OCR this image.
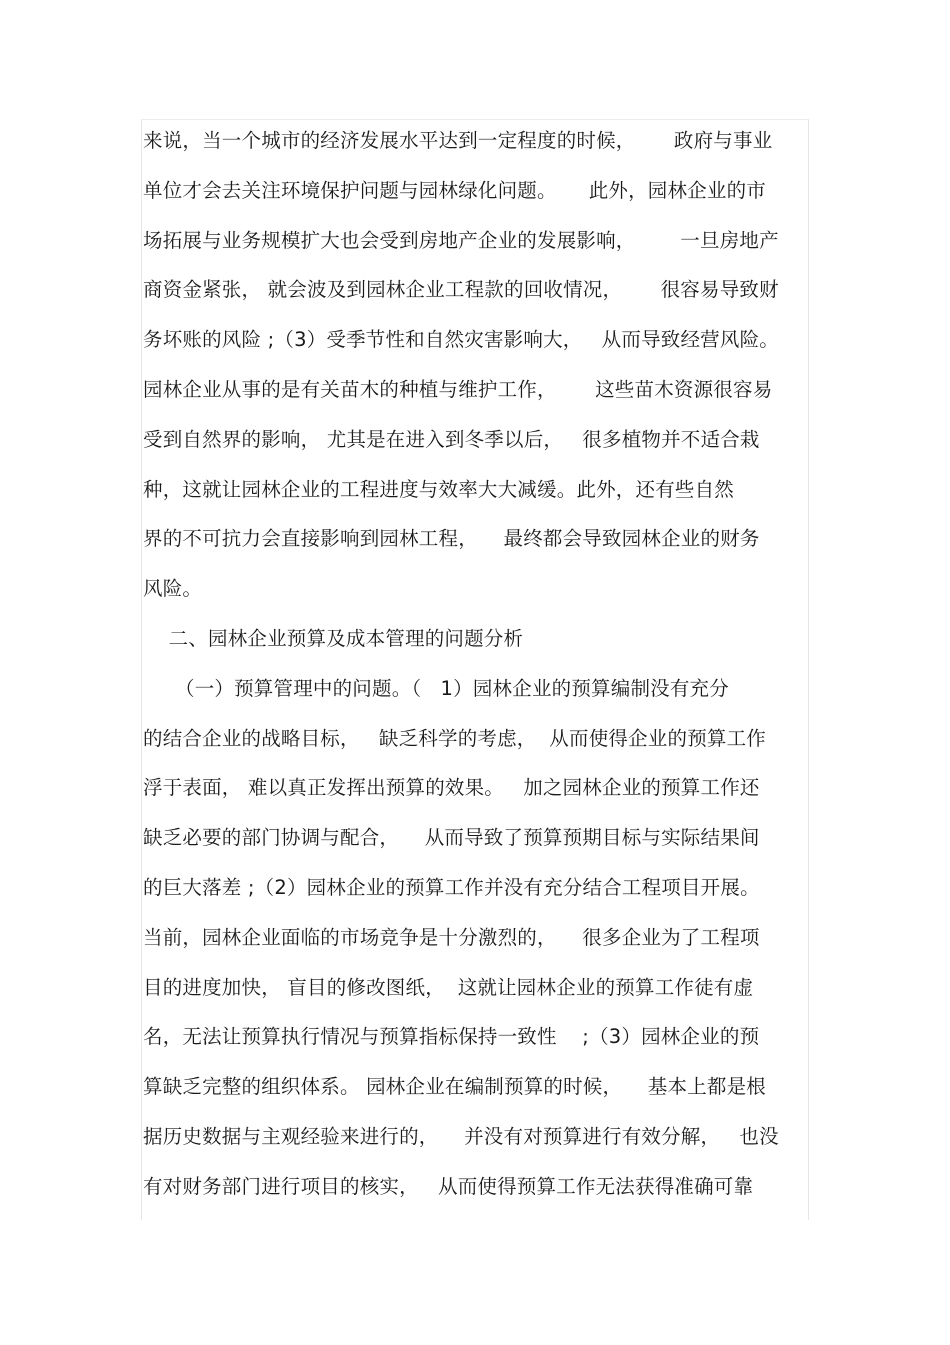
来说，当一个城市的经济发展水平达到一定程度的时候，      政府与事业
单位才会去关注环境保护问题与园林绿化问题。     此外，园林企业的市
场拓展与业务规模扩大也会受到房地产企业的发展影响，       一旦房地产
商资金紧张， 就会波及到园林企业工程款的回收情况，      很容易导致财
务坏账的风险 ;（3）受季节性和自然灾害影响大，   从而导致经营风险。
园林企业从事的是有关苗木的种植与维护工作，      这些苗木资源很容易
受到自然界的影响， 尤其是在进入到冬季以后，   很多植物并不适合栽
种，这就让园林企业的工程进度与效率大大减缓。此外，还有些自然
界的不可抗力会直接影响到园林工程，    最终都会导致园林企业的财务
风险。
二、园林企业预算及成本管理的问题分析
（一）预算管理中的问题。（   1）园林企业的预算编制没有充分
的结合企业的战略目标，   缺乏科学的考虑，  从而使得企业的预算工作
浮于表面， 难以真正发挥出预算的效果。   加之园林企业的预算工作还
缺乏必要的部门协调与配合，    从而导致了预算预期目标与实际结果间
的巨大落差 ;（2）园林企业的预算工作并没有充分结合工程项目开展。
当前，园林企业面临的市场竞争是十分激烈的，    很多企业为了工程项
目的进度加快， 盲目的修改图纸，  这就让园林企业的预算工作徒有虚
名，无法让预算执行情况与预算指标保持一致性    ;（3）园林企业的预
算缺乏完整的组织体系。 园林企业在编制预算的时候，    基本上都是根
据历史数据与主观经验来进行的，    并没有对预算进行有效分解，   也没
有对财务部门进行项目的核实，   从而使得预算工作无法获得准确可靠
